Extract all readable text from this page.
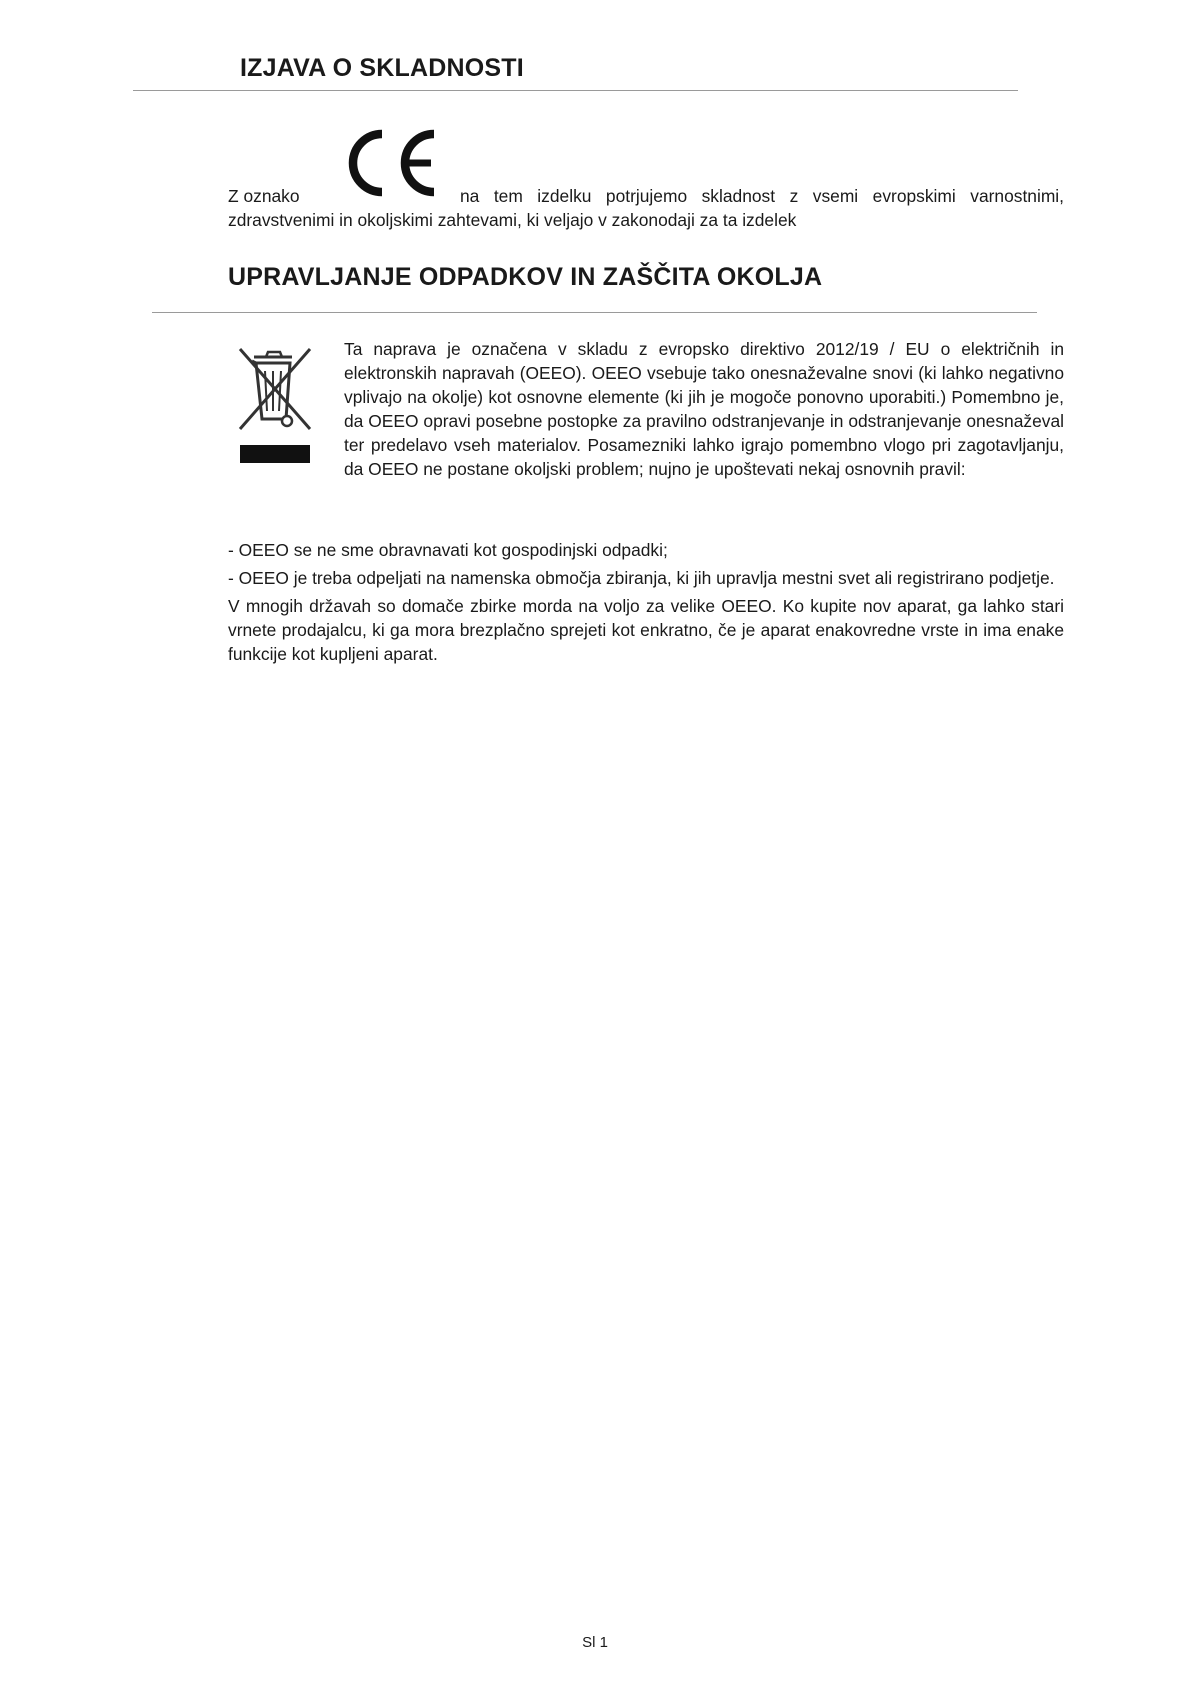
IZJAVA O SKLADNOSTI
Z oznako	na tem izdelku potrjujemo skladnost z vsemi evropskimi varnostnimi,
zdravstvenimi in okoljskimi zahtevami, ki veljajo v zakonodaji za ta izdelek
UPRAVLJANJE ODPADKOV IN ZAŠČITA OKOLJA

Ta naprava je označena v skladu z evropsko direktivo 2012/19 / EU o električnih in elektronskih napravah (OEEO). OEEO vsebuje tako onesnaževalne snovi (ki lahko negativno vplivajo na okolje) kot osnovne elemente (ki jih je mogoče ponovno uporabiti.) Pomembno je, da OEEO opravi posebne postopke za pravilno odstranjevanje in odstranjevanje onesnaževal ter predelavo vseh materialov. Posamezniki lahko igrajo pomembno vlogo pri zagotavljanju, da OEEO ne postane okoljski problem; nujno je upoštevati nekaj osnovnih pravil:

- OEEO se ne sme obravnavati kot gospodinjski odpadki;

- OEEO je treba odpeljati na namenska območja zbiranja, ki jih upravlja mestni svet ali registrirano podjetje.

V mnogih državah so domače zbirke morda na voljo za velike OEEO. Ko kupite nov aparat, ga lahko stari vrnete prodajalcu, ki ga mora brezplačno sprejeti kot enkratno, če je aparat enakovredne vrste in ima enake funkcije kot kupljeni aparat.

Sl 1
